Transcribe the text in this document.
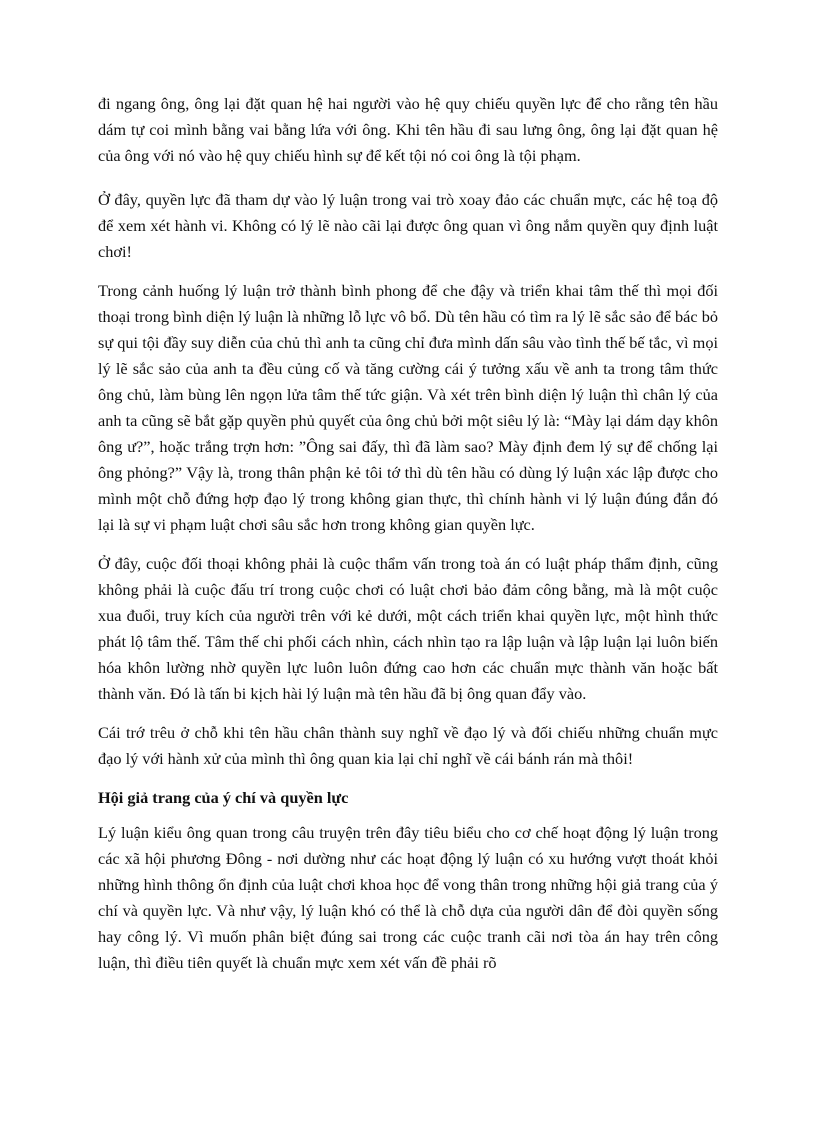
đi ngang ông, ông lại đặt quan hệ hai người vào hệ quy chiếu quyền lực để cho rằng tên hầu dám tự coi mình bằng vai bằng lứa với ông. Khi tên hầu đi sau lưng ông, ông lại đặt quan hệ của ông với nó vào hệ quy chiếu hình sự để kết tội nó coi ông là tội phạm.

Ở đây, quyền lực đã tham dự vào lý luận trong vai trò xoay đảo các chuẩn mực, các hệ toạ độ để xem xét hành vi. Không có lý lẽ nào cãi lại được ông quan vì ông nắm quyền quy định luật chơi!

Trong cảnh huống lý luận trở thành bình phong để che đậy và triển khai tâm thế thì mọi đối thoại trong bình diện lý luận là những lỗ lực vô bổ. Dù tên hầu có tìm ra lý lẽ sắc sảo để bác bỏ sự qui tội đầy suy diễn của chủ thì anh ta cũng chỉ đưa mình dấn sâu vào tình thế bế tắc, vì mọi lý lẽ sắc sảo của anh ta đều củng cố và tăng cường cái ý tưởng xấu về anh ta trong tâm thức ông chủ, làm bùng lên ngọn lửa tâm thế tức giận. Và xét trên bình diện lý luận thì chân lý của anh ta cũng sẽ bắt gặp quyền phủ quyết của ông chủ bởi một siêu lý là: “Mày lại dám dạy khôn ông ư?”, hoặc trắng trợn hơn: ”Ông sai đấy, thì đã làm sao? Mày định đem lý sự để chống lại ông phỏng?” Vậy là, trong thân phận kẻ tôi tớ thì dù tên hầu có dùng lý luận xác lập được cho mình một chỗ đứng hợp đạo lý trong không gian thực, thì chính hành vi lý luận đúng đắn đó lại là sự vi phạm luật chơi sâu sắc hơn trong không gian quyền lực.

Ở đây, cuộc đối thoại không phải là cuộc thẩm vấn trong toà án có luật pháp thẩm định, cũng không phải là cuộc đấu trí trong cuộc chơi có luật chơi bảo đảm công bằng, mà là một cuộc xua đuổi, truy kích của người trên với kẻ dưới, một cách triển khai quyền lực, một hình thức phát lộ tâm thế. Tâm thế chi phối cách nhìn, cách nhìn tạo ra lập luận và lập luận lại luôn biến hóa khôn lường nhờ quyền lực luôn luôn đứng cao hơn các chuẩn mực thành văn hoặc bất thành văn. Đó là tấn bi kịch hài lý luận mà tên hầu đã bị ông quan đẩy vào.

Cái trớ trêu ở chỗ khi tên hầu chân thành suy nghĩ về đạo lý và đối chiếu những chuẩn mực đạo lý với hành xử của mình thì ông quan kia lại chỉ nghĩ về cái bánh rán mà thôi!

Hội giả trang của ý chí và quyền lực

Lý luận kiểu ông quan trong câu truyện trên đây tiêu biểu cho cơ chế hoạt động lý luận trong các xã hội phương Đông - nơi dường như các hoạt động lý luận có xu hướng vượt thoát khỏi những hình thông ổn định của luật chơi khoa học để vong thân trong những hội giả trang của ý chí và quyền lực. Và như vậy, lý luận khó có thể là chỗ dựa của người dân để đòi quyền sống hay công lý. Vì muốn phân biệt đúng sai trong các cuộc tranh cãi nơi tòa án hay trên công luận, thì điều tiên quyết là chuẩn mực xem xét vấn đề phải rõ
